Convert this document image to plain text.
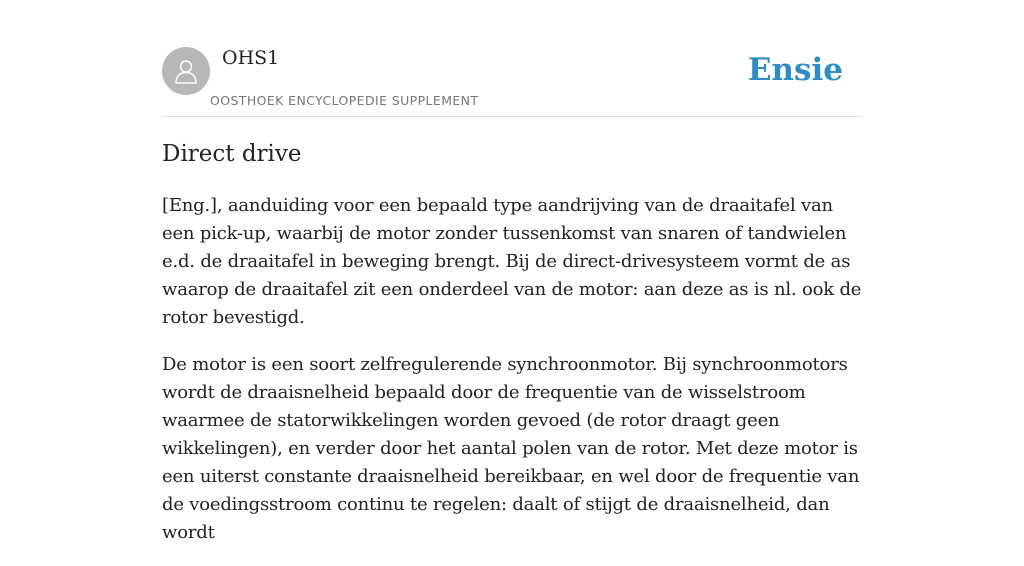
OHS1
OOSTHOEK ENCYCLOPEDIE SUPPLEMENT
Ensie
Direct drive

[Eng.], aanduiding voor een bepaald type aandrijving van de draaitafel van een pick-up, waarbij de motor zonder tussenkomst van snaren of tandwielen e.d. de draaitafel in beweging brengt. Bij de direct-drivesysteem vormt de as waarop de draaitafel zit een onderdeel van de motor: aan deze as is nl. ook de rotor bevestigd.

De motor is een soort zelfregulerende synchroonmotor. Bij synchroonmotors wordt de draaisnelheid bepaald door de frequentie van de wisselstroom waarmee de statorwikkelingen worden gevoed (de rotor draagt geen wikkelingen), en verder door het aantal polen van de rotor. Met deze motor is een uiterst constante draaisnelheid bereikbaar, en wel door de frequentie van de voedingsstroom continu te regelen: daalt of stijgt de draaisnelheid, dan wordt
